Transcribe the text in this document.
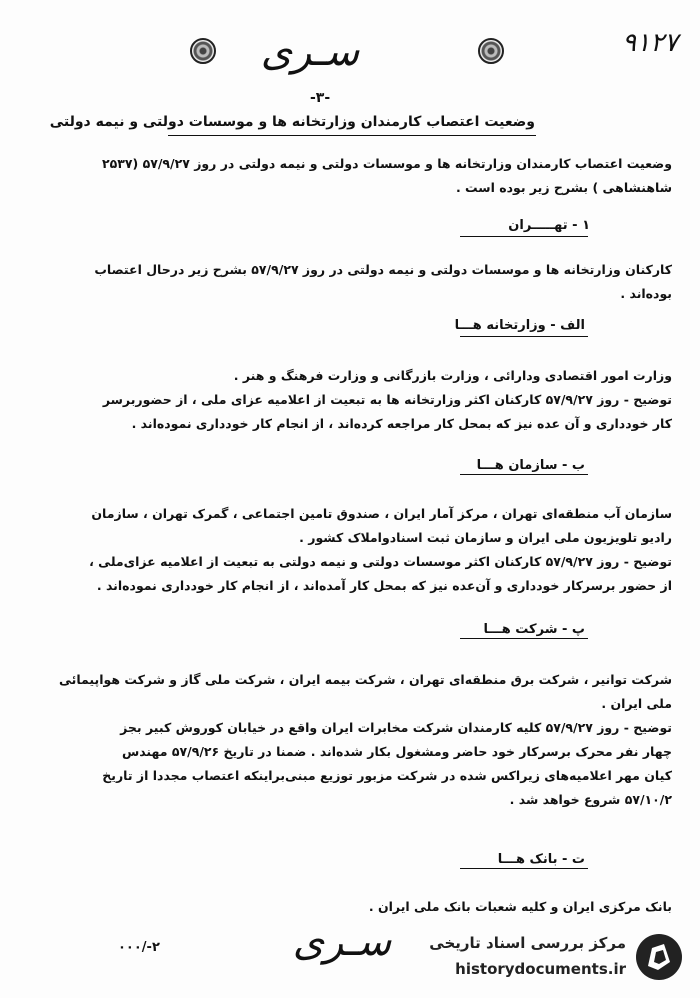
سـری	۹۱۲۷
-۳-
وضعیت اعتصاب کارمندان وزارتخانه ها و موسسات دولتی و نیمه دولتی
وضعیت اعتصاب کارمندان وزارتخانه ها و موسسات دولتی و نیمه دولتی در روز ۵۷/۹/۲۷ (۲۵۳۷
شاهنشاهی ) بشرح زیر بوده است .
۱ - تهـــــران
کارکنان وزارتخانه ها و موسسات دولتی و نیمه دولتی در روز ۵۷/۹/۲۷ بشرح زیر درحال اعتصاب
بوده‌اند .
الف - وزارتخانه هـــا
وزارت امور اقتصادی ودارائی ، وزارت بازرگانی و وزارت فرهنگ و هنر .
توضیح - روز ۵۷/۹/۲۷ کارکنان اکثر وزارتخانه ها به تبعیت از اعلامیه عزای ملی ، از حضوربرسر
کار خودداری و آن عده نیز که بمحل کار مراجعه کرده‌اند ، از انجام کار خودداری نموده‌اند .
ب - سازمان هـــا
سازمان آب منطقه‌ای تهران ، مرکز آمار ایران ، صندوق تامین اجتماعی ، گمرک تهران ، سازمان
رادیو تلویزیون ملی ایران و سازمان ثبت اسنادواملاک کشور .
توضیح - روز ۵۷/۹/۲۷ کارکنان اکثر موسسات دولتی و نیمه دولتی به تبعیت از اعلامیه عزای‌ملی ،
از حضور برسرکار خودداری و آن‌عده نیز که بمحل کار آمده‌اند ، از انجام کار خودداری نموده‌اند .
پ - شرکت هـــا
شرکت توانیر ، شرکت برق منطقه‌ای تهران ، شرکت بیمه ایران ، شرکت ملی گاز و شرکت هواپیمائی
ملی ایران .
توضیح - روز ۵۷/۹/۲۷ کلیه کارمندان شرکت مخابرات ایران واقع در خیابان کوروش کبیر بجز
چهار نفر محرک برسرکار خود حاضر ومشغول بکار شده‌اند . ضمنا در تاریخ ۵۷/۹/۲۶ مهندس
کیان مهر اعلامیه‌های زیراکس شده در شرکت مزبور توزیع مبنی‌براینکه اعتصاب مجددا از تاریخ
۵۷/۱۰/۲ شروع خواهد شد .
ت - بانک هـــا
بانک مرکزی ایران و کلیه شعبات بانک ملی ایران .
۰۰۰/-۲	سـری	مرکز بررسی اسناد تاریخی
historydocuments.ir
